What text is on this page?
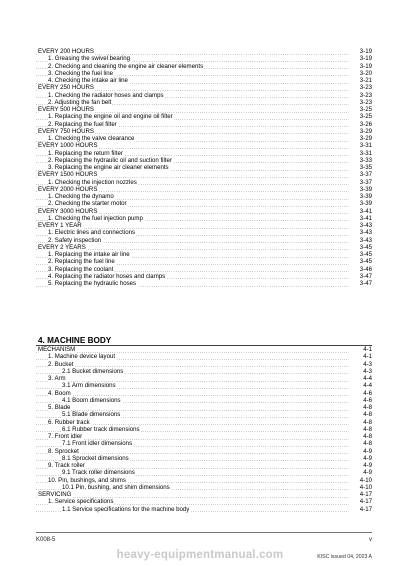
EVERY 200 HOURS	3-19
1. Greasing the swivel bearing	3-19
2. Checking and cleaning the engine air cleaner elements	3-19
3. Checking the fuel line	3-20
4. Checking the intake air line	3-21
EVERY 250 HOURS	3-23
1. Checking the radiator hoses and clamps	3-23
2. Adjusting the fan belt	3-23
EVERY 500 HOURS	3-25
1. Replacing the engine oil and engine oil filter	3-25
2. Replacing the fuel filter	3-26
EVERY 750 HOURS	3-29
1. Checking the valve clearance	3-29
EVERY 1000 HOURS	3-31
1. Replacing the return filter	3-31
2. Replacing the hydraulic oil and suction filter	3-33
3. Replacing the engine air cleaner elements	3-35
EVERY 1500 HOURS	3-37
1. Checking the injection nozzles	3-37
EVERY 2000 HOURS	3-39
1. Checking the dynamo	3-39
2. Checking the starter motor	3-39
EVERY 3000 HOURS	3-41
1. Checking the fuel injection pump	3-41
EVERY 1 YEAR	3-43
1. Electric lines and connections	3-43
2. Safety inspection	3-43
EVERY 2 YEARS	3-45
1. Replacing the intake air line	3-45
2. Replacing the fuel line	3-45
3. Replacing the coolant	3-46
4. Replacing the radiator hoses and clamps	3-47
5. Replacing the hydraulic hoses	3-47
4. MACHINE BODY
MECHANISM	4-1
1. Machine device layout	4-1
2. Bucket	4-3
2.1 Bucket dimensions	4-3
3. Arm	4-4
3.1 Arm dimensions	4-4
4. Boom	4-6
4.1 Boom dimensions	4-6
5. Blade	4-8
5.1 Blade dimensions	4-8
6. Rubber track	4-8
6.1 Rubber track dimensions	4-8
7. Front idler	4-8
7.1 Front idler dimensions	4-8
8. Sprocket	4-9
8.1 Sprocket dimensions	4-9
9. Track roller	4-9
9.1 Track roller dimensions	4-9
10. Pin, bushings, and shims	4-10
10.1 Pin, bushing, and shim dimensions	4-10
SERVICING	4-17
1. Service specifications	4-17
1.1 Service specifications for the machine body	4-17
K008-5	v
heavy-equipmentmanual.com	KISC issued 04, 2023 A
